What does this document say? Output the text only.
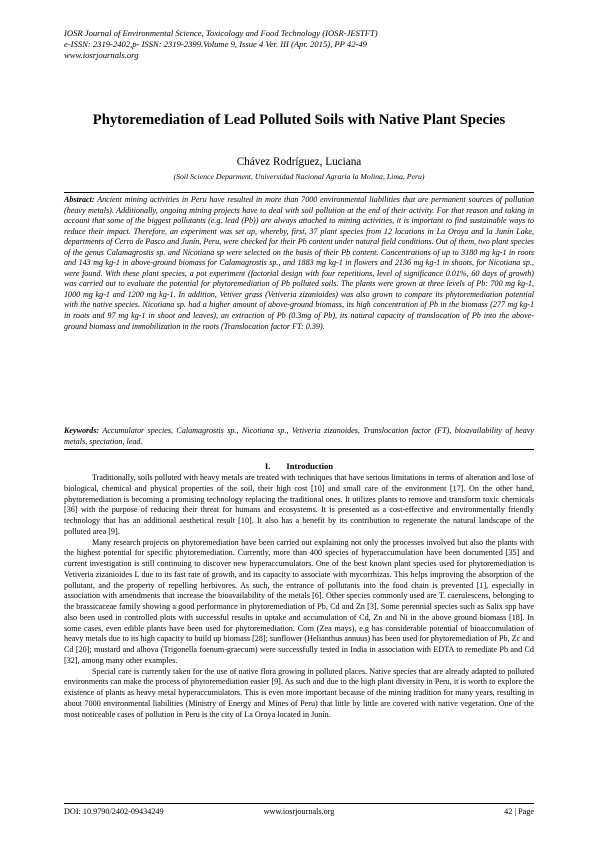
IOSR Journal of Environmental Science, Toxicology and Food Technology (IOSR-JESTFT)
e-ISSN: 2319-2402,p- ISSN: 2319-2399.Volume 9, Issue 4 Ver. III (Apr. 2015), PP 42-49
www.iosrjournals.org
Phytoremediation of Lead Polluted Soils with Native Plant Species
Chávez Rodríguez, Luciana
(Soil Science Deparment, Universidad Nacional Agraria la Molina, Lima, Peru)
Abstract: Ancient mining activities in Peru have resulted in more than 7000 environmental liabilities that are permanent sources of pollution (heavy metals). Additionally, ongoing mining projects have to deal with soil pollution at the end of their activity. For that reason and taking in account that some of the biggest pollutants (e.g. lead (Pb)) are always attached to mining activities, it is important to find sustainable ways to reduce their impact. Therefore, an experiment was set up, whereby, first, 37 plant species from 12 locations in La Oroya and la Junín Lake, departments of Cerro de Pasco and Junín, Peru, were checked for their Pb content under natural field conditions. Out of them, two plant species of the genus Calamagrostis sp. and Nicotiana sp were selected on the basis of their Pb content. Concentrations of up to 3180 mg kg-1 in roots and 143 mg kg-1 in above-ground biomass for Calamagrostis sp., and 1883 mg kg-1 in flowers and 2136 mg kg-1 in shoots, for Nicotiana sp., were found. With these plant species, a pot experiment (factorial design with four repetitions, level of significance 0.01%, 60 days of growth) was carried out to evaluate the potential for phytoremediation of Pb polluted soils. The plants were grown at three levels of Pb: 700 mg kg-1, 1000 mg kg-1 and 1200 mg kg-1. In addition, Vetiver grass (Vetiveria zizanioides) was also grown to compare its phytoremediation potential with the native species. Nicotiana sp. had a higher amount of above-ground biomass, its high concentration of Pb in the biomass (277 mg kg-1 in roots and 97 mg kg-1 in shoot and leaves), an extraction of Pb (0.3mg of Pb), its natural capacity of translocation of Pb into the above-ground biomass and immobilization in the roots (Translocation factor FT: 0.39).
Keywords: Accumulator species, Calamagrostis sp., Nicotiana sp., Vetiveria zizanoides, Translocation factor (FT), bioavailability of heavy metals, speciation, lead.
I. Introduction

Traditionally, soils polluted with heavy metals are treated with techniques that have serious limitations in terms of alteration and lose of biological, chemical and physical properties of the soil, their high cost [10] and small care of the environment [17]. On the other hand, phytoremediation is becoming a promising technology replacing the traditional ones. It utilizes plants to remove and transform toxic chemicals [36] with the purpose of reducing their threat for humans and ecosystems. It is presented as a cost-effective and environmentally friendly technology that has an additional aesthetical result [10]. It also has a benefit by its contribution to regenerate the natural landscape of the polluted area [9].

Many research projects on phytoremediation have been carried out explaining not only the processes involved but also the plants with the highest potential for specific phytoremediation. Currently, more than 400 species of hyperaccumulation have been documented [35] and current investigation is still continuing to discover new hyperaccumulators. One of the best known plant species used for phytoremediation is Vetiveria zizanioides L due to its fast rate of growth, and its capacity to associate with mycorrhizas. This helps improving the absorption of the pollutant, and the property of repelling herbivores. As such, the entrance of pollutants into the food chain is prevented [1], especially in association with amendments that increase the bioavailability of the metals [6]. Other species commonly used are T. caerulescens, belonging to the brassicaceae family showing a good performance in phytoremediation of Pb, Cd and Zn [3]. Some perennial species such as Salix spp have also been used in controlled plots with successful results in uptake and accumulation of Cd, Zn and Ni in the above ground biomass [18]. In some cases, even edible plants have been used for phytoremediation. Corn (Zea mays), e.g has considerable potential of bioaccumulation of heavy metals due to its high capacity to build up biomass [28]; sunflower (Helianthus annuus) has been used for phytoremediation of Pb, Zc and Cd [20]; mustard and alhova (Trigonella foenum-graecum) were successfully tested in India in association with EDTA to remediate Pb and Cd [32], among many other examples.

Special care is currently taken for the use of native flora growing in polluted places. Native species that are already adapted to polluted environments can make the process of phytoremediation easier [9]. As such and due to the high plant diversity in Peru, it is worth to explore the existence of plants as heavy metal hyperaccumulators. This is even more important because of the mining tradition for many years, resulting in about 7000 environmental liabilities (Ministry of Energy and Mines of Peru) that little by little are covered with native vegetation. One of the most noticeable cases of pollution in Peru is the city of La Oroya located in Junín.

DOI: 10.9790/2402-09434249	www.iosrjournals.org	42 | Page
